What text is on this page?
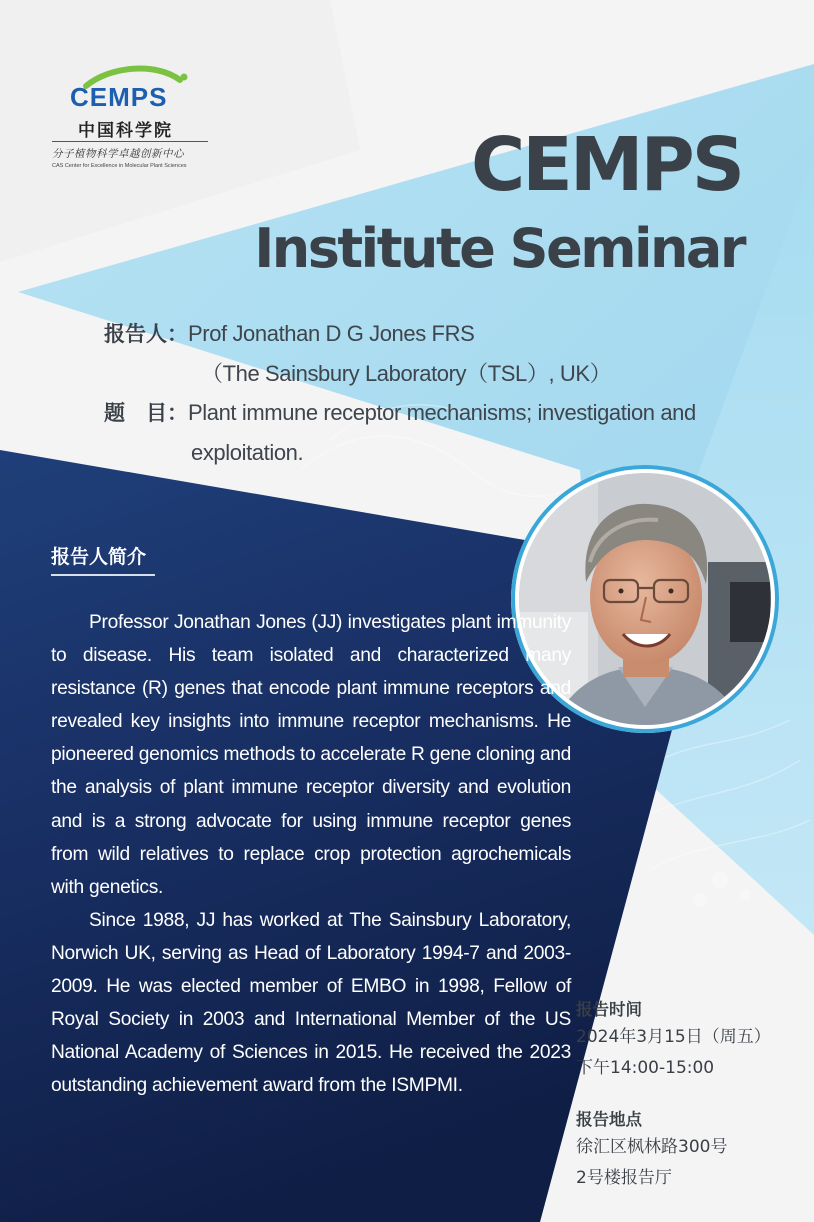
CEMPS
中国科学院
分子植物科学卓越创新中心
CAS Center for Excellence in Molecular Plant Sciences	CEMPS
Institute Seminar
报告人：Prof Jonathan D G Jones FRS
（The Sainsbury Laboratory（TSL）, UK）
题　目：Plant immune receptor mechanisms; investigation and
exploitation.
报告人简介

Professor Jonathan Jones (JJ) investigates plant immunity to disease. His team isolated and characterized many resistance (R) genes that encode plant immune receptors and revealed key insights into immune receptor mechanisms. He pioneered genomics methods to accelerate R gene cloning and the analysis of plant immune receptor diversity and evolution and is a strong advocate for using immune receptor genes from wild relatives to replace crop protection agrochemicals with genetics.

Since 1988, JJ has worked at The Sainsbury Laboratory, Norwich UK, serving as Head of Laboratory 1994-7 and 2003-2009. He was elected member of EMBO in 1998, Fellow of Royal Society in 2003 and International Member of the US National Academy of Sciences in 2015. He received the 2023 outstanding achievement award from the ISMPMI.

报告时间
2024年3月15日（周五）
下午14:00-15:00
报告地点
徐汇区枫林路300号
2号楼报告厅
